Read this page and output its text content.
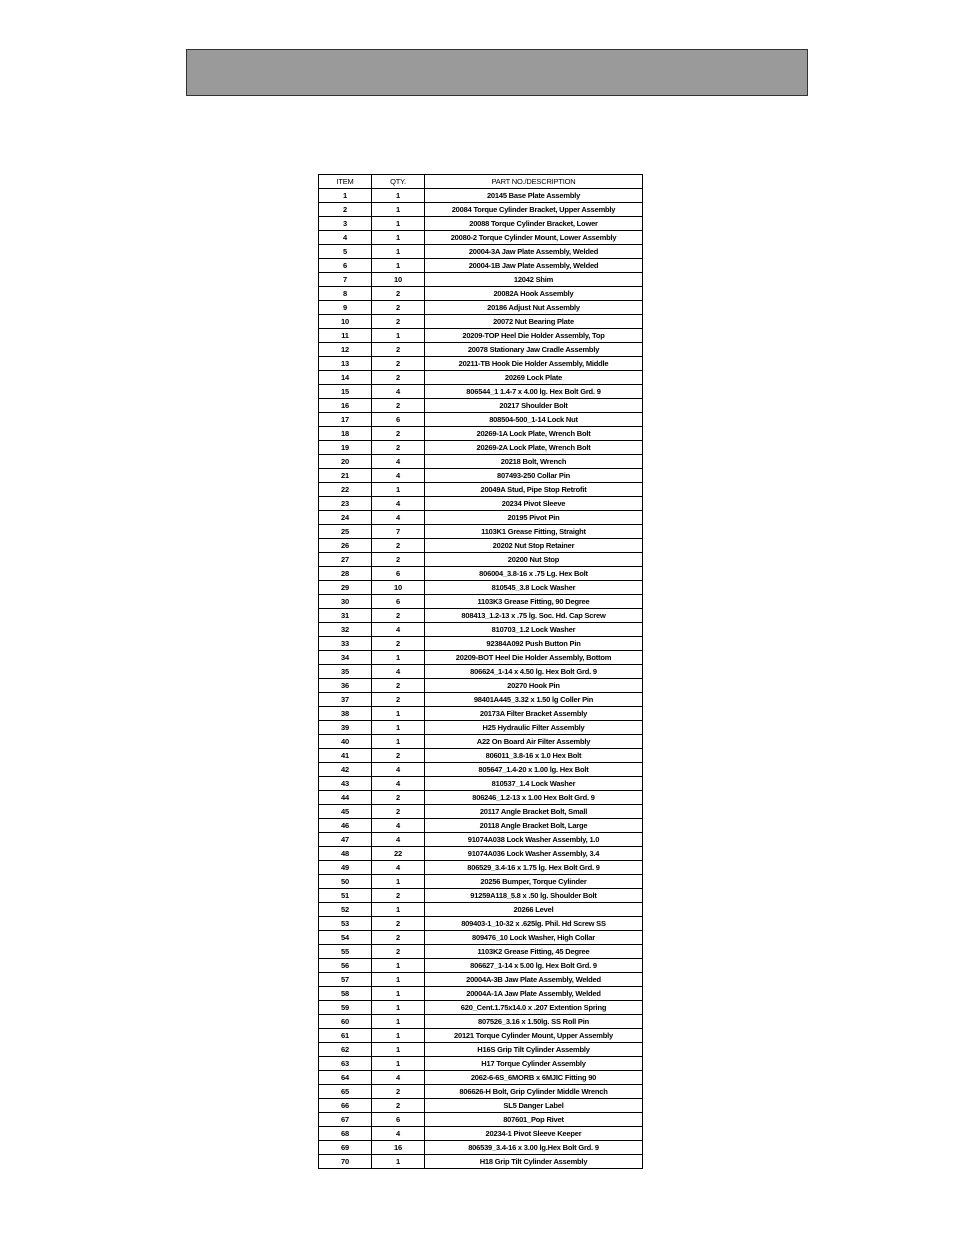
ITEM	QTY.	PART NO./DESCRIPTION
1	1	20145 Base Plate Assembly
2	1	20084 Torque Cylinder Bracket, Upper Assembly
3	1	20088 Torque Cylinder Bracket, Lower
4	1	20080-2 Torque Cylinder Mount, Lower Assembly
5	1	20004-3A Jaw Plate Assembly, Welded
6	1	20004-1B Jaw Plate Assembly, Welded
7	10	12042 Shim
8	2	20082A Hook Assembly
9	2	20186 Adjust Nut Assembly
10	2	20072 Nut Bearing Plate
11	1	20209-TOP Heel Die Holder Assembly, Top
12	2	20078 Stationary Jaw Cradle Assembly
13	2	20211-TB Hook Die Holder Assembly, Middle
14	2	20269 Lock Plate
15	4	806544_1 1.4-7 x 4.00 lg. Hex Bolt Grd. 9
16	2	20217 Shoulder Bolt
17	6	808504-500_1-14 Lock Nut
18	2	20269-1A Lock Plate, Wrench Bolt
19	2	20269-2A Lock Plate, Wrench Bolt
20	4	20218 Bolt, Wrench
21	4	807493-250 Collar Pin
22	1	20049A Stud, Pipe Stop Retrofit
23	4	20234 Pivot Sleeve
24	4	20195 Pivot Pin
25	7	1103K1 Grease Fitting, Straight
26	2	20202 Nut Stop Retainer
27	2	20200 Nut Stop
28	6	806004_3.8-16 x .75 Lg. Hex Bolt
29	10	810545_3.8 Lock Washer
30	6	1103K3 Grease Fitting, 90 Degree
31	2	808413_1.2-13 x .75 lg. Soc. Hd. Cap Screw
32	4	810703_1.2 Lock Washer
33	2	92384A092 Push Button Pin
34	1	20209-BOT Heel Die Holder Assembly, Bottom
35	4	806624_1-14 x 4.50 lg. Hex Bolt Grd. 9
36	2	20270 Hook Pin
37	2	98401A445_3.32 x 1.50 lg Coller Pin
38	1	20173A Filter Bracket Assembly
39	1	H25 Hydraulic Filter Assembly
40	1	A22 On Board Air Filter Assembly
41	2	806011_3.8-16 x 1.0 Hex Bolt
42	4	805647_1.4-20 x 1.00 lg. Hex Bolt
43	4	810537_1.4 Lock Washer
44	2	806246_1.2-13 x 1.00 Hex Bolt Grd. 9
45	2	20117 Angle Bracket Bolt, Small
46	4	20118 Angle Bracket Bolt, Large
47	4	91074A038 Lock Washer Assembly, 1.0
48	22	91074A036 Lock Washer Assembly, 3.4
49	4	806529_3.4-16 x 1.75 lg. Hex Bolt Grd. 9
50	1	20256 Bumper, Torque Cylinder
51	2	91259A118_5.8 x .50 lg. Shoulder Bolt
52	1	20266 Level
53	2	809403-1_10-32 x .625lg. Phil. Hd Screw SS
54	2	809476_10 Lock Washer, High Collar
55	2	1103K2 Grease Fitting, 45 Degree
56	1	806627_1-14 x 5.00 lg. Hex Bolt Grd. 9
57	1	20004A-3B Jaw Plate Assembly, Welded
58	1	20004A-1A Jaw Plate Assembly, Welded
59	1	620_Cent.1.75x14.0 x .207 Extention Spring
60	1	807526_3.16 x 1.50lg. SS Roll Pin
61	1	20121 Torque Cylinder Mount, Upper Assembly
62	1	H16S Grip Tilt Cylinder Assembly
63	1	H17 Torque Cylinder Assembly
64	4	2062-6-6S_6MORB x 6MJIC Fitting 90
65	2	806626-H Bolt, Grip Cylinder Middle Wrench
66	2	SL5 Danger Label
67	6	807601_Pop Rivet
68	4	20234-1 Pivot Sleeve Keeper
69	16	806539_3.4-16 x 3.00 lg.Hex Bolt Grd. 9
70	1	H18 Grip Tilt Cylinder Assembly
